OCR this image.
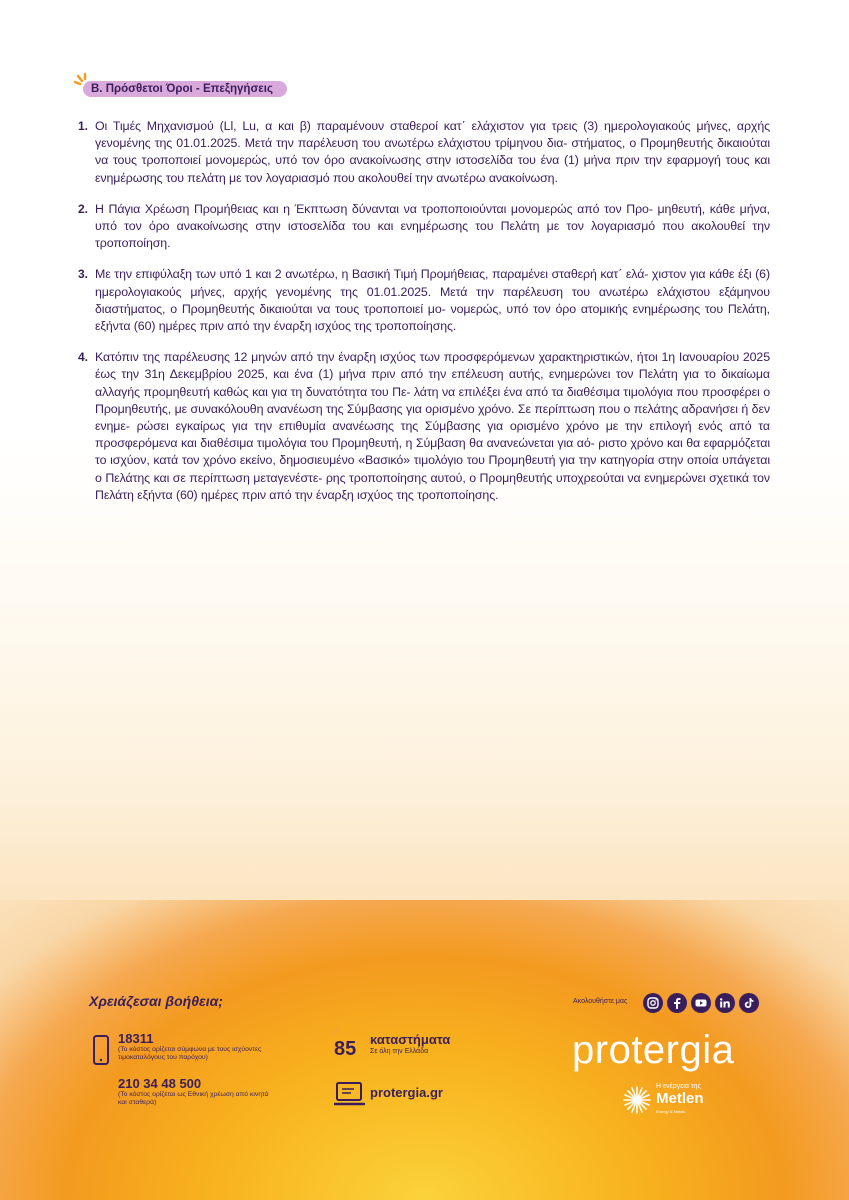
Β. Πρόσθετοι Όροι - Επεξηγήσεις
1. Οι Τιμές Μηχανισμού (Ll, Lu, α και β) παραμένουν σταθεροί κατ΄ ελάχιστον για τρεις (3) ημερολογιακούς μήνες, αρχής γενομένης της 01.01.2025. Μετά την παρέλευση του ανωτέρω ελάχιστου τρίμηνου δια- στήματος, ο Προμηθευτής δικαιούται να τους τροποποιεί μονομερώς, υπό τον όρο ανακοίνωσης στην ιστοσελίδα του ένα (1) μήνα πριν την εφαρμογή τους και ενημέρωσης του πελάτη με τον λογαριασμό που ακολουθεί την ανωτέρω ανακοίνωση.
2. Η Πάγια Χρέωση Προμήθειας και η Έκπτωση δύνανται να τροποποιούνται μονομερώς από τον Προ- μηθευτή, κάθε μήνα, υπό τον όρο ανακοίνωσης στην ιστοσελίδα του και ενημέρωσης του Πελάτη με τον λογαριασμό που ακολουθεί την τροποποίηση.
3. Με την επιφύλαξη των υπό 1 και 2 ανωτέρω, η Βασική Τιμή Προμήθειας, παραμένει σταθερή κατ΄ ελά- χιστον για κάθε έξι (6) ημερολογιακούς μήνες, αρχής γενομένης της 01.01.2025. Μετά την παρέλευση του ανωτέρω ελάχιστου εξάμηνου διαστήματος, ο Προμηθευτής δικαιούται να τους τροποποιεί μο- νομερώς, υπό τον όρο ατομικής ενημέρωσης του Πελάτη, εξήντα (60) ημέρες πριν από την έναρξη ισχύος της τροποποίησης.
4. Κατόπιν της παρέλευσης 12 μηνών από την έναρξη ισχύος των προσφερόμενων χαρακτηριστικών, ήτοι 1η Ιανουαρίου 2025 έως την 31η Δεκεμβρίου 2025, και ένα (1) μήνα πριν από την επέλευση αυτής, ενημερώνει τον Πελάτη για το δικαίωμα αλλαγής προμηθευτή καθώς και για τη δυνατότητα του Πε- λάτη να επιλέξει ένα από τα διαθέσιμα τιμολόγια που προσφέρει ο Προμηθευτής, με συνακόλουθη ανανέωση της Σύμβασης για ορισμένο χρόνο. Σε περίπτωση που ο πελάτης αδρανήσει ή δεν ενημε- ρώσει εγκαίρως για την επιθυμία ανανέωσης της Σύμβασης για ορισμένο χρόνο με την επιλογή ενός από τα προσφερόμενα και διαθέσιμα τιμολόγια του Προμηθευτή, η Σύμβαση θα ανανεώνεται για αό- ριστο χρόνο και θα εφαρμόζεται το ισχύον, κατά τον χρόνο εκείνο, δημοσιευμένο «Βασικό» τιμολόγιο του Προμηθευτή για την κατηγορία στην οποία υπάγεται ο Πελάτης και σε περίπτωση μεταγενέστε- ρης τροποποίησης αυτού, ο Προμηθευτής υποχρεούται να ενημερώνει σχετικά τον Πελάτη εξήντα (60) ημέρες πριν από την έναρξη ισχύος της τροποποίησης.
Χρειάζεσαι βοήθεια;
18311
(Το κόστος ορίζεται σύμφωνα με τους ισχύοντες τιμοκαταλόγους του παρόχου)
210 34 48 500
(Το κόστος ορίζεται ως Εθνική χρέωση από κινητά και σταθερά)
85 καταστήματα
Σε όλη την Ελλάδα
protergia.gr
Ακολουθήστε μας
protergia
Η ενέργεια της
Metlen
Energy & Metals
